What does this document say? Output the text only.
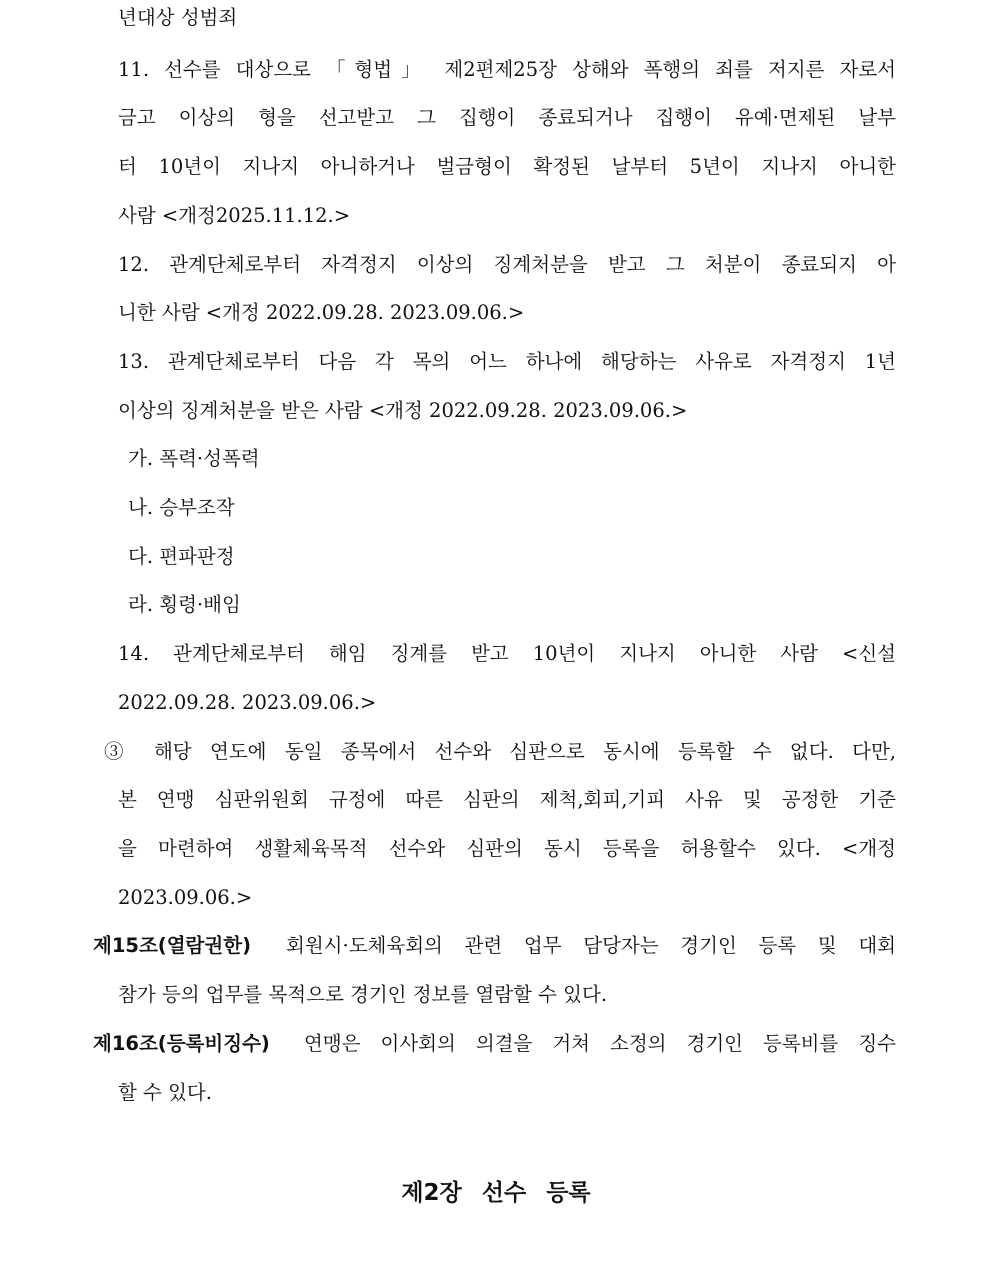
년대상 성범죄
11. 선수를 대상으로 「형법」 제2편제25장 상해와 폭행의 죄를 저지른 자로서
금고 이상의 형을 선고받고 그 집행이 종료되거나 집행이 유예·면제된 날부
터 10년이 지나지 아니하거나 벌금형이 확정된 날부터 5년이 지나지 아니한
사람 <개정2025.11.12.>
12. 관계단체로부터 자격정지 이상의 징계처분을 받고 그 처분이 종료되지 아
니한 사람 <개정 2022.09.28. 2023.09.06.>
13. 관계단체로부터 다음 각 목의 어느 하나에 해당하는 사유로 자격정지 1년
이상의 징계처분을 받은 사람 <개정 2022.09.28. 2023.09.06.>
가. 폭력·성폭력
나. 승부조작
다. 편파판정
라. 횡령·배임
14. 관계단체로부터 해임 징계를 받고 10년이 지나지 아니한 사람 <신설
2022.09.28. 2023.09.06.>
③ 해당 연도에 동일 종목에서 선수와 심판으로 동시에 등록할 수 없다. 다만,
본 연맹 심판위원회 규정에 따른 심판의 제척,회피,기피 사유 및 공정한 기준
을 마련하여 생활체육목적 선수와 심판의 동시 등록을 허용할수 있다. <개정
2023.09.06.>
제15조(열람권한) 회원시·도체육회의 관련 업무 담당자는 경기인 등록 및 대회
참가 등의 업무를 목적으로 경기인 정보를 열람할 수 있다.
제16조(등록비징수) 연맹은 이사회의 의결을 거쳐 소정의 경기인 등록비를 징수
할 수 있다.
제2장 선수 등록
